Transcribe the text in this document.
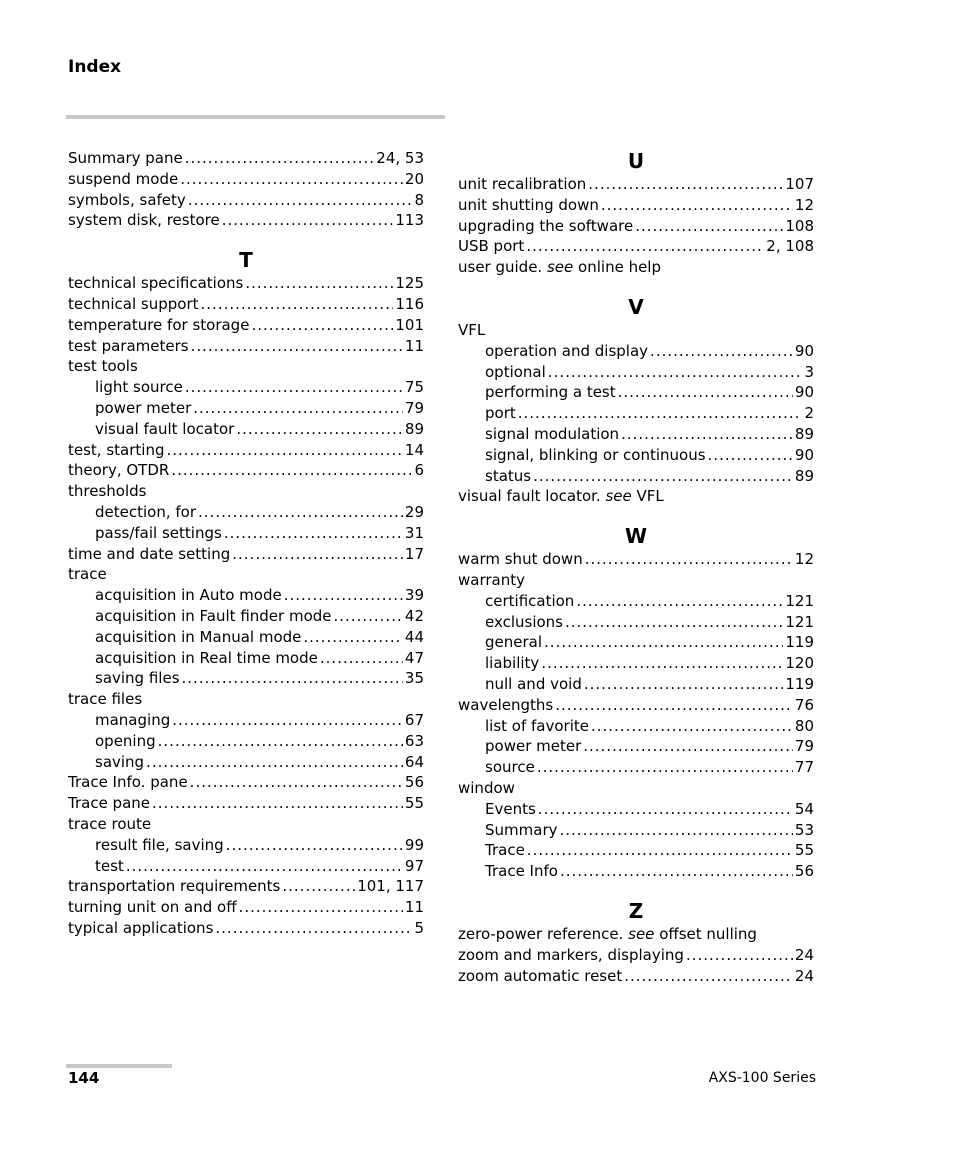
Index
Summary pane .....	24, 53
suspend mode .....	20
symbols, safety .....	8
system disk, restore .....	113
T
technical specifications .....	125
technical support .....	116
temperature for storage .....	101
test parameters .....	11
test tools
light source .....	75
power meter .....	79
visual fault locator .....	89
test, starting .....	14
theory, OTDR .....	6
thresholds
detection, for .....	29
pass/fail settings .....	31
time and date setting .....	17
trace
acquisition in Auto mode .....	39
acquisition in Fault finder mode .....	42
acquisition in Manual mode .....	44
acquisition in Real time mode .....	47
saving files .....	35
trace files
managing .....	67
opening .....	63
saving .....	64
Trace Info. pane .....	56
Trace pane .....	55
trace route
result file, saving .....	99
test .....	97
transportation requirements .....	101, 117
turning unit on and off .....	11
typical applications .....	5
U
unit recalibration .....	107
unit shutting down .....	12
upgrading the software .....	108
USB port .....	2, 108
user guide. see online help
V
VFL
operation and display .....	90
optional .....	3
performing a test .....	90
port .....	2
signal modulation .....	89
signal, blinking or continuous .....	90
status .....	89
visual fault locator. see VFL
W
warm shut down .....	12
warranty
certification .....	121
exclusions .....	121
general .....	119
liability .....	120
null and void .....	119
wavelengths .....	76
list of favorite .....	80
power meter .....	79
source .....	77
window
Events .....	54
Summary .....	53
Trace .....	55
Trace Info .....	56
Z
zero-power reference. see offset nulling
zoom and markers, displaying .....	24
zoom automatic reset .....	24
144	AXS-100 Series
